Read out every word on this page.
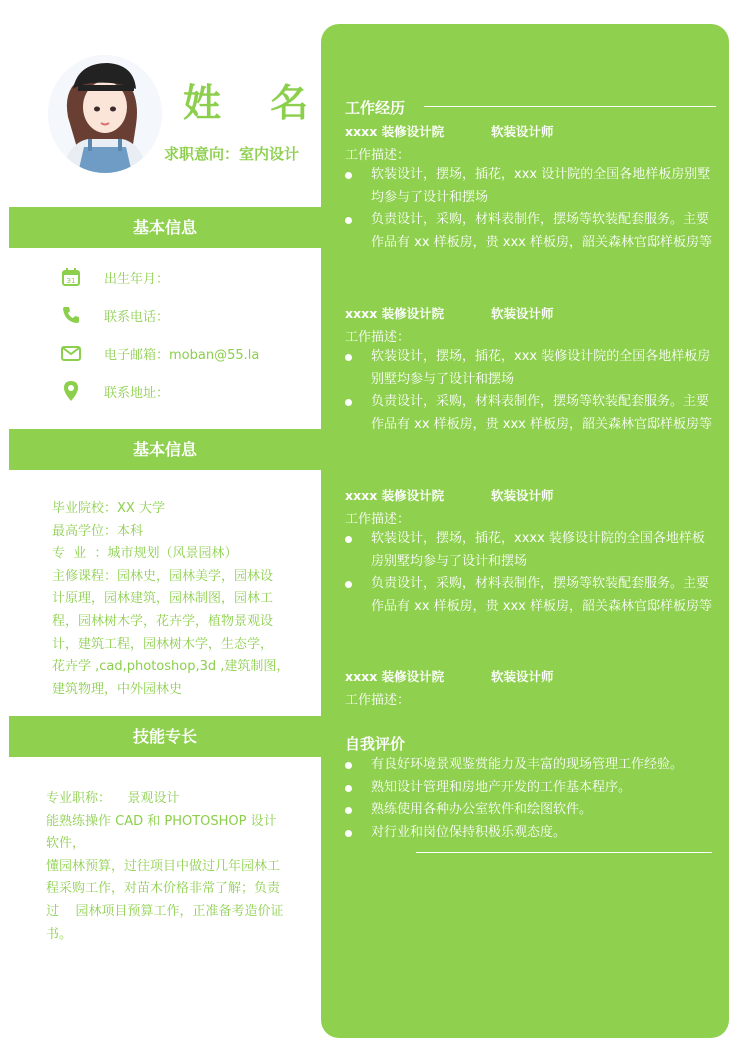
姓 名
求职意向：室内设计
基本信息
31 出生年月：
联系电话：
电子邮箱：moban@55.la
联系地址：
基本信息
毕业院校：XX 大学
最高学位：本科
专  业  ：城市规划（风景园林）
主修课程：园林史，园林美学，园林设
计原理，园林建筑，园林制图，园林工
程，园林树木学，花卉学，植物景观设
计，建筑工程，园林树木学，生态学，
花卉学 ,cad,photoshop,3d ,建筑制图，
建筑物理，中外园林史
技能专长
专业职称：    景观设计
能熟练操作 CAD 和 PHOTOSHOP 设计
软件，
懂园林预算，过往项目中做过几年园林工
程采购工作，对苗木价格非常了解；负责
过    园林项目预算工作，正准备考造价证
书。
工作经历
xxxx 装修设计院	软装设计师
工作描述：
软装设计，摆场，插花，xxx 设计院的全国各地样板房别墅均参与了设计和摆场
负责设计，采购，材料表制作，摆场等软装配套服务。主要作品有 xx 样板房，贵 xxx 样板房，韶关森林官邸样板房等
xxxx 装修设计院	软装设计师
工作描述：
软装设计，摆场，插花，xxx 装修设计院的全国各地样板房别墅均参与了设计和摆场
负责设计，采购，材料表制作，摆场等软装配套服务。主要作品有 xx 样板房，贵 xxx 样板房，韶关森林官邸样板房等
xxxx 装修设计院	软装设计师
工作描述：
软装设计，摆场，插花，xxxx 装修设计院的全国各地样板房别墅均参与了设计和摆场
负责设计，采购，材料表制作，摆场等软装配套服务。主要作品有 xx 样板房，贵 xxx 样板房，韶关森林官邸样板房等
xxxx 装修设计院	软装设计师
工作描述：
自我评价
有良好环境景观鉴赏能力及丰富的现场管理工作经验。
熟知设计管理和房地产开发的工作基本程序。
熟练使用各种办公室软件和绘图软件。
对行业和岗位保持积极乐观态度。
